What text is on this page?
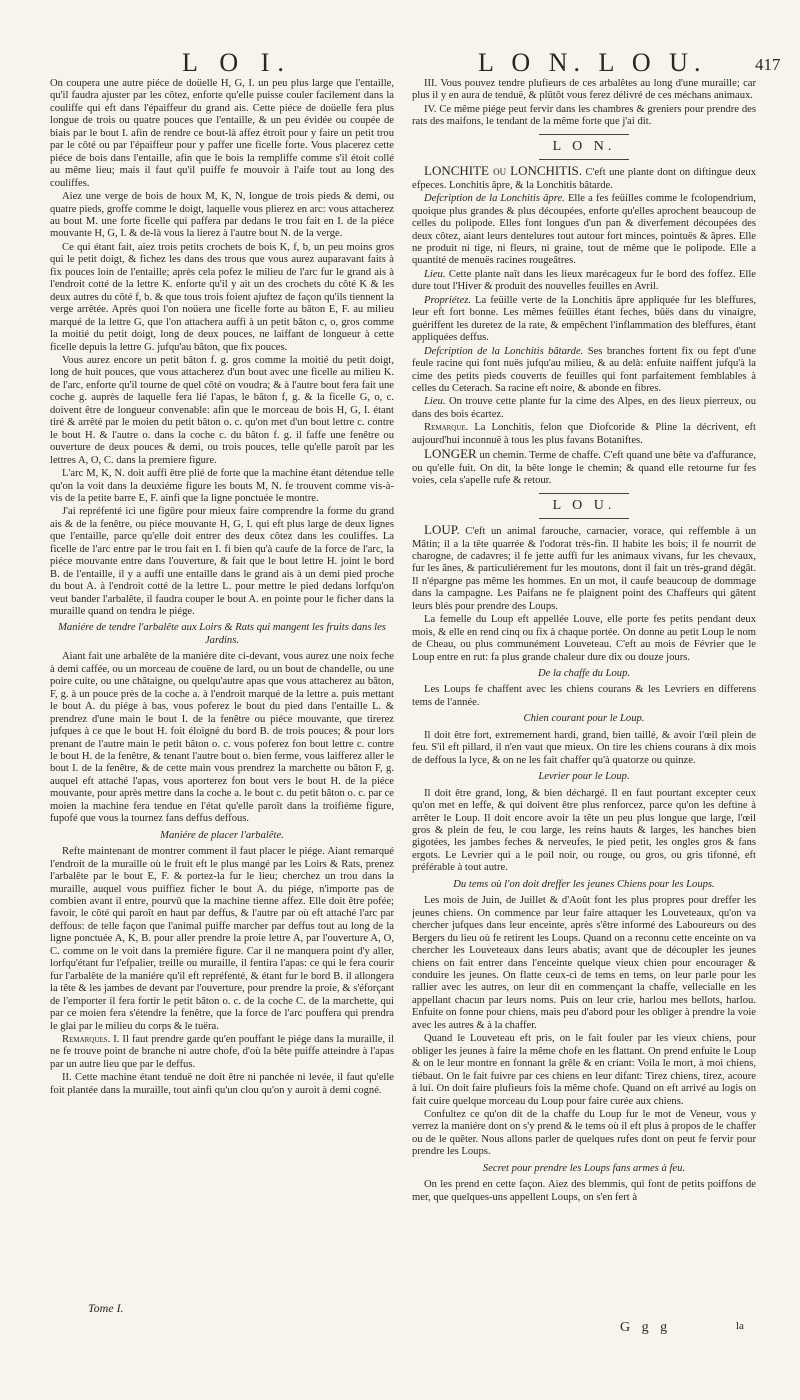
L O I.	L O N. L O U.	417

On coupera une autre piéce de doüelle H, G, I. un peu plus large que l'entaille, qu'il faudra ajuster par les côtez, enforte qu'elle puisse couler facilement dans la couliffe qui eft dans l'épaiffeur du grand ais. Cette piéce de doüelle fera plus longue de trois ou quatre pouces que l'entaille, & un peu évidée ou coupée de biais par le bout I. afin de rendre ce bout-là affez étroit pour y faire un petit trou par le côté ou par l'épaiffeur pour y paffer une ficelle forte. Vous placerez cette piéce de bois dans l'entaille, afin que le bois la rempliffe comme s'il étoit collé au même lieu; mais il faut qu'il puiffe fe mouvoir à l'aife tout au long des couliffes.

Aiez une verge de bois de houx M, K, N, longue de trois pieds & demi, ou quatre pieds, groffe comme le doigt, laquelle vous plierez en arc: vous attacherez au bout M. une forte ficelle qui paffera par dedans le trou fait en I. de la piéce mouvante H, G, I. & de-là vous la lierez à l'autre bout N. de la verge.

Ce qui étant fait, aiez trois petits crochets de bois K, f, b, un peu moins gros qui le petit doigt, & fichez les dans des trous que vous aurez auparavant faits à fix pouces loin de l'entaille; après cela pofez le milieu de l'arc fur le grand ais à l'endroit cotté de la lettre K. enforte qu'il y ait un des crochets du côté K & les deux autres du côté f, b. & que tous trois foient ajuftez de façon qu'ils tiennent la verge arrêtée. Après quoi l'on noüera une ficelle forte au bâton E, F. au milieu marqué de la lettre G, que l'on attachera auffi à un petit bâton c, o, gros comme la moitié du petit doigt, long de deux pouces, ne laiffant de longueur à cette ficelle depuis la lettre G. jufqu'au bâton, que fix pouces.

Vous aurez encore un petit bâton f. g. gros comme la moitié du petit doigt, long de huit pouces, que vous attacherez d'un bout avec une ficelle au milieu K. de l'arc, enforte qu'il tourne de quel côté on voudra; & à l'autre bout fera fait une coche g. auprès de laquelle fera lié l'apas, le bâton f, g. & la ficelle G, o, c. doivent être de longueur convenable: afin que le morceau de bois H, G, I. étant tiré & arrêté par le moien du petit bâton o. c. qu'on met d'un bout lettre c. contre le bout H. & l'autre o. dans la coche c. du bâton f. g. il faffe une fenêtre ou ouverture de deux pouces & demi, ou trois pouces, telle qu'elle paroît par les lettres A, O, C. dans la premiere figure.

L'arc M, K, N. doit auffi être plié de forte que la machine étant détendue telle qu'on la voit dans la deuxiéme figure les bouts M, N. fe trouvent comme vis-à-vis de la petite barre E, F. ainfi que la ligne ponctuée le montre.

J'ai repréfenté ici une figûre pour mieux faire comprendre la forme du grand ais & de la fenêtre, ou piéce mouvante H, G, I. qui eft plus large de deux lignes que l'entaille, parce qu'elle doit entrer des deux côtez dans les couliffes. La ficelle de l'arc entre par le trou fait en I. fi bien qu'à caufe de la force de l'arc, la piéce mouvante entre dans l'ouverture, & fait que le bout lettre H. joint le bord B. de l'entaille, il y a auffi une entaille dans le grand ais à un demi pied proche du bout A. à l'endroit cotté de la lettre L. pour mettre le pied dedans lorfqu'on veut bander l'arbalête, il faudra couper le bout A. en pointe pour le ficher dans la muraille quand on tendra le piége.

Maniére de tendre l'arbalête aux Loirs & Rats qui mangent les fruits dans les Jardins.

Aiant fait une arbalête de la maniére dite ci-devant, vous aurez une noix feche à demi caffée, ou un morceau de couëne de lard, ou un bout de chandelle, ou une poire cuite, ou une châtaigne, ou quelqu'autre apas que vous attacherez au bâton, F, g. à un pouce près de la coche a. à l'endroit marqué de la lettre a. puis mettant le bout A. du piége à bas, vous poferez le bout du pied dans l'entaille L. & prendrez d'une main le bout I. de la fenêtre ou piéce mouvante, que tirerez jufques à ce que le bout H. foit éloigné du bord B. de trois pouces; & pour lors prenant de l'autre main le petit bâton o. c. vous poferez fon bout lettre c. contre le bout H. de la fenêtre, & tenant l'autre bout o. bien ferme, vous laifferez aller le bout I. de la fenêtre, & de cette main vous prendrez la marchette ou bâton F, g. auquel eft attaché l'apas, vous aporterez fon bout vers le bout H. de la piéce mouvante, pour après mettre dans la coche a. le bout c. du petit bâton o. c. par ce moien la machine fera tendue en l'état qu'elle paroît dans la troifiéme figure, fupofé que vous la tournez fans deffus deffous.

Maniére de placer l'arbalête.

Refte maintenant de montrer comment il faut placer le piége. Aiant remarqué l'endroit de la muraille où le fruit eft le plus mangé par les Loirs & Rats, prenez l'arbalête par le bout E, F. & portez-la fur le lieu; cherchez un trou dans la muraille, auquel vous puiffiez ficher le bout A. du piége, n'importe pas de combien avant il entre, pourvû que la machine tienne affez. Elle doit être pofée; favoir, le côté qui paroît en haut par deffus, & l'autre par où eft attaché l'arc par deffous: de telle façon que l'animal puiffe marcher par deffus tout au long de la ligne ponctuée A, K, B. pour aller prendre la proie lettre A, par l'ouverture A, O, C. comme on le voit dans la premiére figure. Car il ne manquera point d'y aller, lorfqu'étant fur l'efpalier, treille ou muraille, il fentira l'apas: ce qui le fera courir fur l'arbalête de la maniére qu'il eft repréfenté, & étant fur le bord B. il allongera la tête & les jambes de devant par l'ouverture, pour prendre la proie, & s'éforçant de l'emporter il fera fortir le petit bâton o. c. de la coche C. de la marchette, qui par ce moien fera s'étendre la fenêtre, que la force de l'arc pouffera qui prendra le glai par le milieu du corps & le tuëra.

Remarques. I. Il faut prendre garde qu'en pouffant le piége dans la muraille, il ne fe trouve point de branche ni autre chofe, d'où la bête puiffe atteindre à l'apas par un autre lieu que par le deffus.

II. Cette machine étant tenduë ne doit être ni panchée ni levée, il faut qu'elle foit plantée dans la muraille, tout ainfi qu'un clou qu'on y auroit à demi cogné.

III. Vous pouvez tendre plufieurs de ces arbalêtes au long d'une muraille; car plus il y en aura de tenduë, & plûtôt vous ferez délivré de ces méchans animaux.

IV. Ce même piége peut fervir dans les chambres & greniers pour prendre des rats des maifons, le tendant de la même forte que j'ai dit.

L O N.

LONCHITE ou LONCHITIS. C'eft une plante dont on diftingue deux efpeces. Lonchitis âpre, & la Lonchitis bâtarde.

Defcription de la Lonchitis âpre. Elle a fes feüilles comme le fcolopendrium, quoique plus grandes & plus découpées, enforte qu'elles aprochent beaucoup de celles du polipode. Elles font longues d'un pan & diverfement découpées des deux côtez, aiant leurs dentelures tout autour fort minces, pointuës & âpres. Elle ne produit ni tige, ni fleurs, ni graine, tout de même que le polipode. Elle a quantité de menuës racines rougeâtres.

Lieu. Cette plante naît dans les lieux marécageux fur le bord des foffez. Elle dure tout l'Hiver & produit des nouvelles feuilles en Avril.

Propriétez. La feüille verte de la Lonchitis âpre appliquée fur les bleffures, leur eft fort bonne. Les mêmes feüilles étant feches, bûës dans du vinaigre, guériffent les duretez de la rate, & empêchent l'inflammation des bleffures, étant appliquées deffus.

Defcription de la Lonchitis bâtarde. Ses branches fortent fix ou fept d'une feule racine qui font nuës jufqu'au milieu, & au delà: enfuite naiffent jufqu'à la cime des petits pieds couverts de feuilles qui font parfaitement femblables à celles du Ceterach. Sa racine eft noire, & abonde en fibres.

Lieu. On trouve cette plante fur la cime des Alpes, en des lieux pierreux, ou dans des bois écartez.

Remarque. La Lonchitis, felon que Diofcoride & Pline la décrivent, eft aujourd'hui inconnuë à tous les plus favans Botaniftes.

LONGER un chemin. Terme de chaffe. C'eft quand une bête va d'affurance, ou qu'elle fuit. On dit, la bête longe le chemin; & quand elle retourne fur fes voies, cela s'apelle rufe & retour.

L O U.

LOUP. C'eft un animal farouche, carnacier, vorace, qui reffemble à un Mâtin; il a la tête quarrée & l'odorat très-fin. Il habite les bois; il fe nourrit de charogne, de cadavres; il fe jette auffi fur les animaux vivans, fur les chevaux, fur les ânes, & particuliérement fur les moutons, dont il fait un très-grand dégât. Il n'épargne pas même les hommes. En un mot, il caufe beaucoup de dommage dans la campagne. Les Paifans ne fe plaignent point des Chaffeurs qui gâtent leurs blés pour prendre des Loups.

La femelle du Loup eft appellée Louve, elle porte fes petits pendant deux mois, & elle en rend cinq ou fix à chaque portée. On donne au petit Loup le nom de Cheau, ou plus communément Louveteau. C'eft au mois de Février que le Loup entre en rut: fa plus grande chaleur dure dix ou douze jours.

De la chaffe du Loup.

Les Loups fe chaffent avec les chiens courans & les Levriers en differens tems de l'année.

Chien courant pour le Loup.

Il doit être fort, extremement hardi, grand, bien taillé, & avoir l'œil plein de feu. S'il eft pillard, il n'en vaut que mieux. On tire les chiens courans à dix mois de deffous la lyce, & on ne les fait chaffer qu'à quatorze ou quinze.

Levrier pour le Loup.

Il doit être grand, long, & bien déchargé. Il en faut pourtant excepter ceux qu'on met en leffe, & qui doivent être plus renforcez, parce qu'on les deftine à arrêter le Loup. Il doit encore avoir la tête un peu plus longue que large, l'œil gros & plein de feu, le cou large, les reins hauts & larges, les hanches bien gigotées, les jambes feches & nerveufes, le pied petit, les ongles gros & fans ergots. Le Levrier qui a le poil noir, ou rouge, ou gros, ou gris tifonné, eft préférable à tout autre.

Du tems où l'on doit dreffer les jeunes Chiens pour les Loups.

Les mois de Juin, de Juillet & d'Août font les plus propres pour dreffer les jeunes chiens. On commence par leur faire attaquer les Louveteaux, qu'on va chercher jufques dans leur enceinte, après s'être informé des Laboureurs ou des Bergers du lieu où fe retirent les Loups. Quand on a reconnu cette enceinte on va chercher les Louveteaux dans leurs abatis; avant que de découpler les jeunes chiens on fait entrer dans l'enceinte quelque vieux chien pour encourager & conduire les jeunes. On flatte ceux-ci de tems en tems, on leur parle pour les rallier avec les autres, on leur dit en commençant la chaffe, vellecialle en les appellant chacun par leurs noms. Puis on leur crie, harlou mes bellots, harlou. Enfuite on fonne pour chiens, mais peu d'abord pour les obliger à prendre la voie avec les autres & à la chaffer.

Quand le Louveteau eft pris, on le fait fouler par les vieux chiens, pour obliger les jeunes à faire la même chofe en les flattant. On prend enfuite le Loup & on le leur montre en fonnant la grêle & en criant: Voila le mort, à moi chiens, tiébaut. On le fait fuivre par ces chiens en leur difant: Tirez chiens, tirez, acoure à lui. On doit faire plufieurs fois la même chofe. Quand on eft arrivé au logis on fait cuire quelque morceau du Loup pour faire curée aux chiens.

Confultez ce qu'on dit de la chaffe du Loup fur le mot de Veneur, vous y verrez la maniére dont on s'y prend & le tems où il eft plus à propos de le chaffer ou de le quêter. Nous allons parler de quelques rufes dont on peut fe fervir pour prendre les Loups.

Secret pour prendre les Loups fans armes à feu.

On les prend en cette façon. Aiez des blemmis, qui font de petits poiffons de mer, que quelques-uns appellent Loups, on s'en fert à

Tome I.
G g g	la
